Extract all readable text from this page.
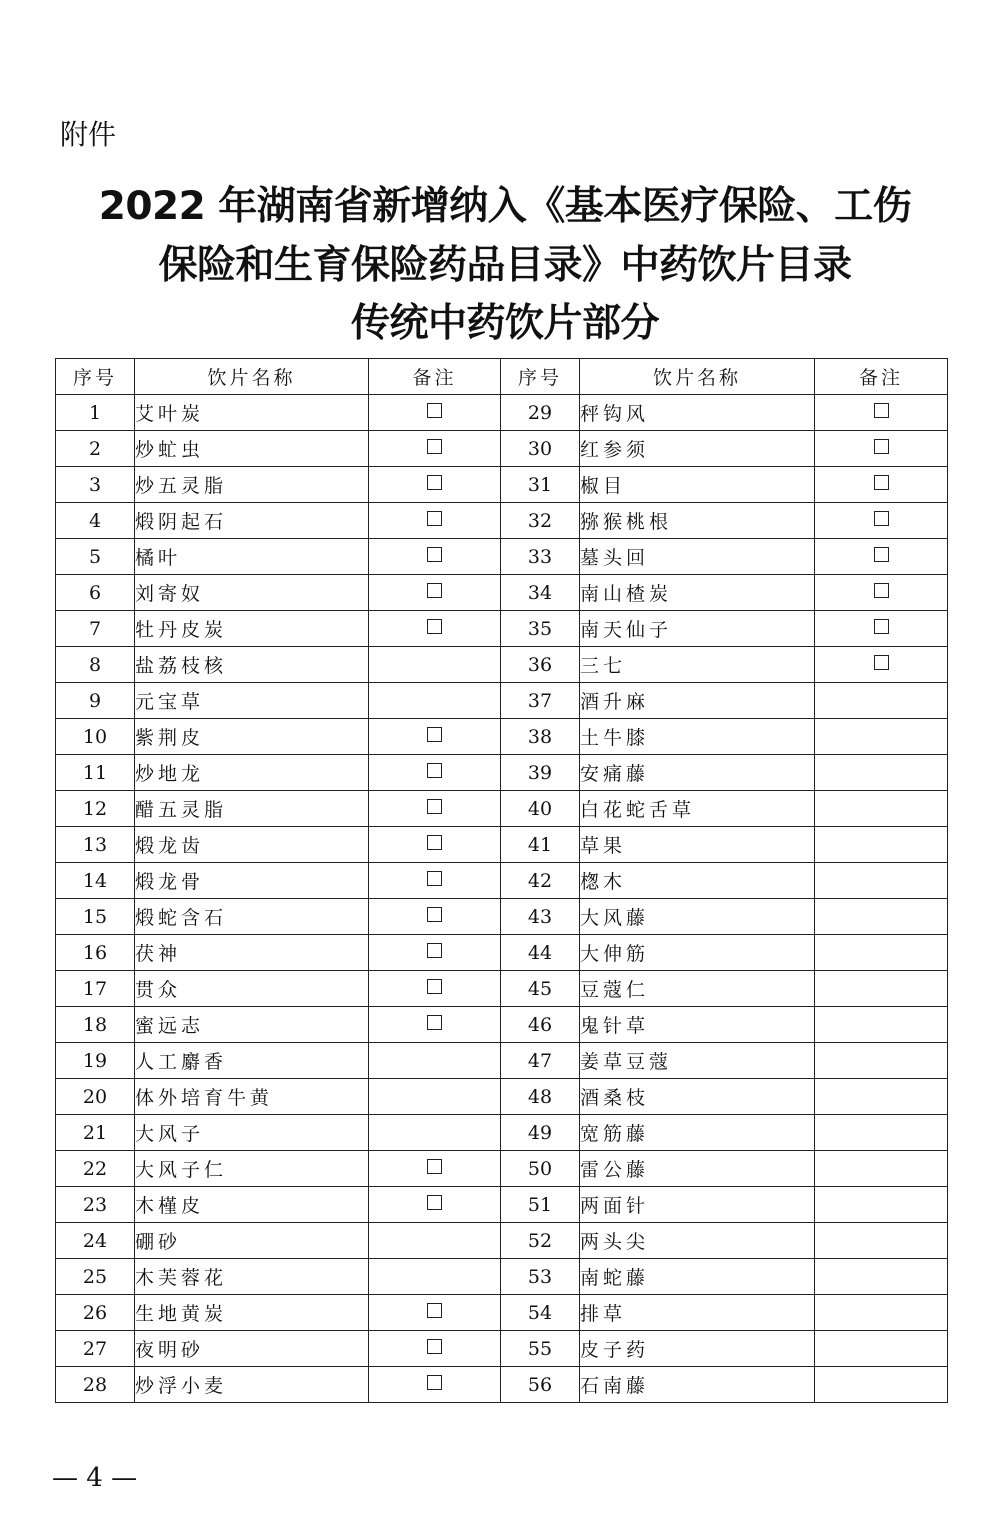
附件

2022 年湖南省新增纳入《基本医疗保险、工伤
保险和生育保险药品目录》中药饮片目录
传统中药饮片部分
序号	饮片名称	备注	序号	饮片名称	备注
1	艾叶炭		29	秤钩风	
2	炒虻虫		30	红参须	
3	炒五灵脂		31	椒目	
4	煅阴起石		32	猕猴桃根	
5	橘叶		33	墓头回	
6	刘寄奴		34	南山楂炭	
7	牡丹皮炭		35	南天仙子	
8	盐荔枝核		36	三七	
9	元宝草		37	酒升麻	
10	紫荆皮		38	土牛膝	
11	炒地龙		39	安痛藤	
12	醋五灵脂		40	白花蛇舌草	
13	煅龙齿		41	草果	
14	煅龙骨		42	楤木	
15	煅蛇含石		43	大风藤	
16	茯神		44	大伸筋	
17	贯众		45	豆蔻仁	
18	蜜远志		46	鬼针草	
19	人工麝香		47	姜草豆蔻	
20	体外培育牛黄		48	酒桑枝	
21	大风子		49	宽筋藤	
22	大风子仁		50	雷公藤	
23	木槿皮		51	两面针	
24	硼砂		52	两头尖	
25	木芙蓉花		53	南蛇藤	
26	生地黄炭		54	排草	
27	夜明砂		55	皮子药	
28	炒浮小麦		56	石南藤	

— 4 —
